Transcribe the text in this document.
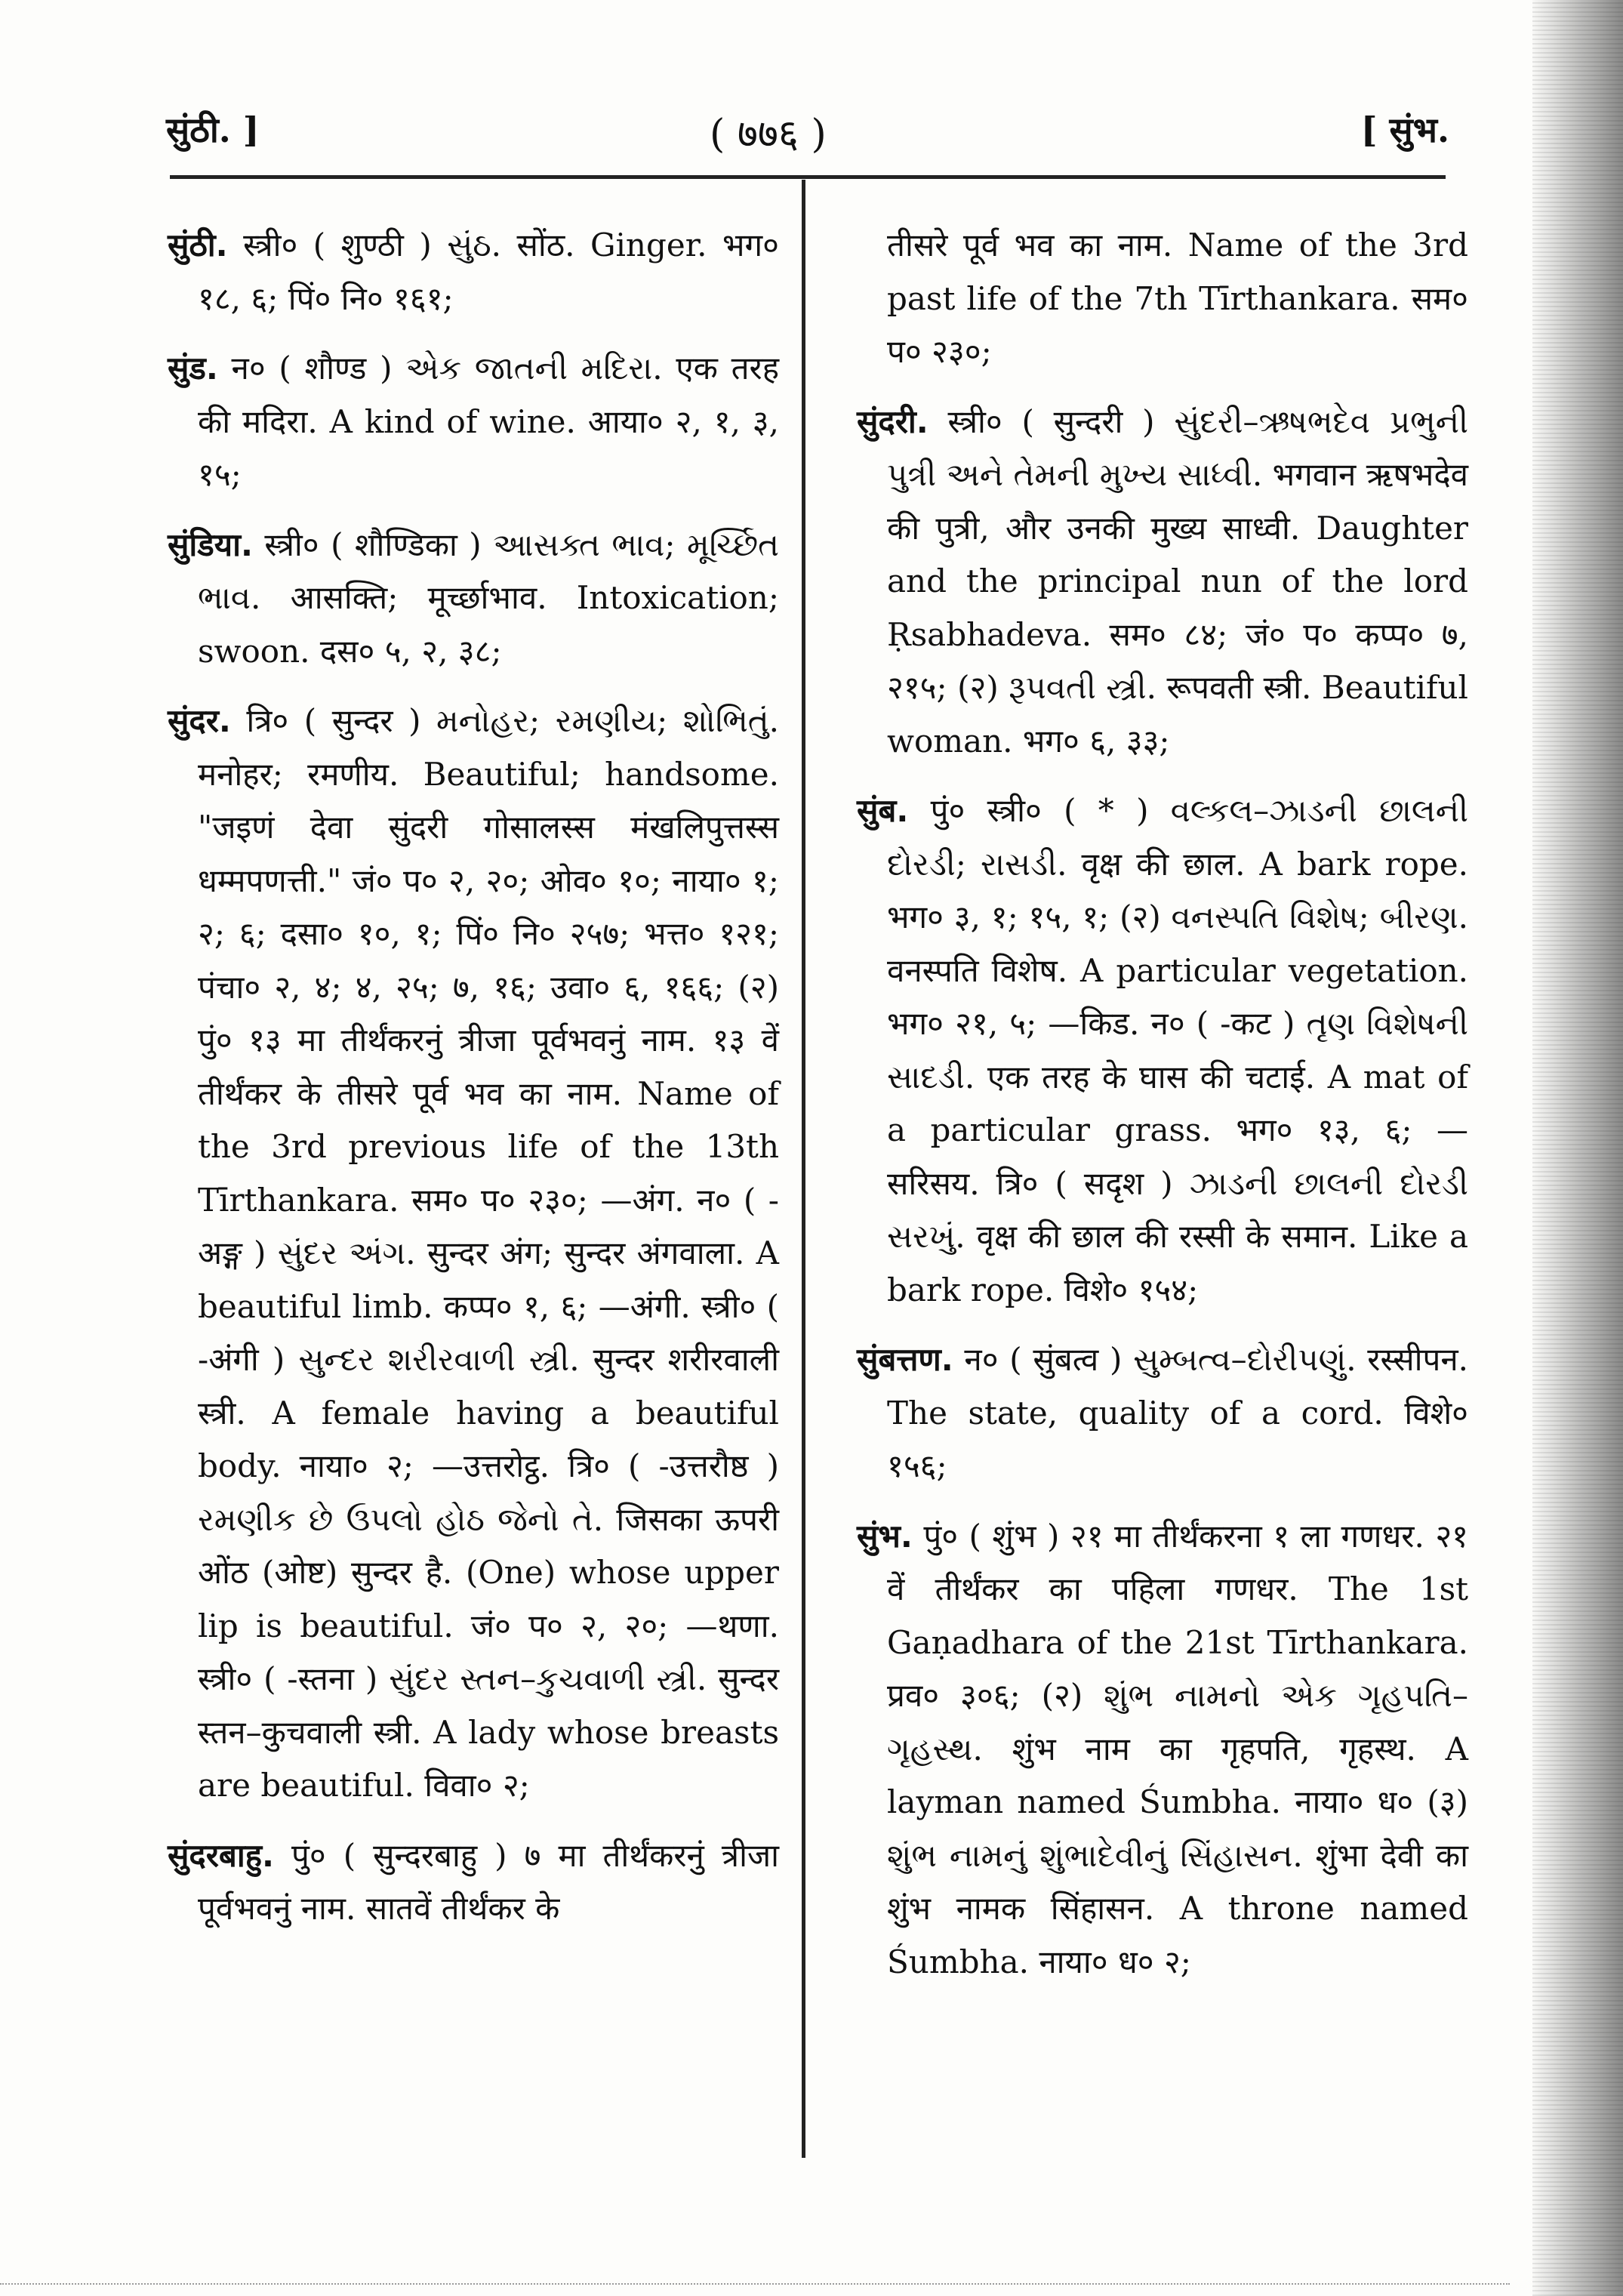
सुंठी. ]	( ७७६ )	[ सुंभ.

सुंठी. स्त्री० ( शुण्ठी ) સુંઠ. सोंठ. Ginger. भग० १८, ६; पिं० नि० १६१;

सुंड. न० ( शौण्ड ) એક જાતની મદિરા. एक तरह की मदिरा. A kind of wine. आया० २, १, ३, १५;

सुंडिया. स्त्री० ( शौण्डिका ) આસક્ત ભાવ; મૂર્ચ્છિત ભાવ. आसक्ति; मूर्च्छाभाव. Intoxication; swoon. दस० ५, २, ३८;

सुंदर. त्रि० ( सुन्दर ) મનોહર; રમણીય; શોભિતું. मनोहर; रमणीय. Beautiful; handsome. "जइणं देवा सुंदरी गोसालस्स मंखलिपुत्तस्स धम्मपणत्ती." जं० प० २, २०; ओव० १०; नाया० १; २; ६; दसा० १०, १; पिं० नि० २५७; भत्त० १२१; पंचा० २, ४; ४, २५; ७, १६; उवा० ६, १६६; (२) पुं० १३ मा तीर्थंकरनुं त्रीजा पूर्वभवनुं नाम. १३ वें तीर्थंकर के तीसरे पूर्व भव का नाम. Name of the 3rd previous life of the 13th Tīrthankara. सम० प० २३०; —अंग. न० ( -अङ्ग ) સુંદર અંગ. सुन्दर अंग; सुन्दर अंगवाला. A beautiful limb. कप्प० १, ६; —अंगी. स्त्री० ( -अंगी ) સુન્દર શરીરવાળી સ્ત્રી. सुन्दर शरीरवाली स्त्री. A female having a beautiful body. नाया० २; —उत्तरोट्ठ. त्रि० ( -उत्तरौष्ठ ) રમણીક છે ઉપલો હોઠ જેનો તે. जिसका ऊपरी ओंठ (ओष्ट) सुन्दर है. (One) whose upper lip is beautiful. जं० प० २, २०; —थणा. स्त्री० ( -स्तना ) સુંદર સ્તન–કુચવાળી સ્ત્રી. सुन्दर स्तन–कुचवाली स्त्री. A lady whose breasts are beautiful. विवा० २;

सुंदरबाहु. पुं० ( सुन्दरबाहु ) ७ मा तीर्थंकरनुं त्रीजा पूर्वभवनुं नाम. सातवें तीर्थंकर के

तीसरे पूर्व भव का नाम. Name of the 3rd past life of the 7th Tīrthankara. सम० प० २३०;

सुंदरी. स्त्री० ( सुन्दरी ) સુંદરી–ઋષભદેવ પ્રભુની પુત્રી અને તેમની મુખ્ય સાધ્વી. भगवान ऋषभदेव की पुत्री, और उनकी मुख्य साध्वी. Daughter and the principal nun of the lord Ṛsabhadeva. सम० ८४; जं० प० कप्प० ७, २१५; (२) રૂપવતી સ્ત્રી. रूपवती स्त्री. Beautiful woman. भग० ६, ३३;

सुंब. पुं० स्त्री० ( * ) વલ્કલ–ઝાડની છાલની દોરડી; રાસડી. वृक्ष की छाल. A bark rope. भग० ३, १; १५, १; (२) વનસ્પતિ વિશેષ; બીરણ. वनस्पति विशेष. A particular vegetation. भग० २१, ५; —किड. न० ( -कट ) તૃણ વિશેષની સાદડી. एक तरह के घास की चटाई. A mat of a particular grass. भग० १३, ६; —सरिसय. त्रि० ( सदृश ) ઝાડની છાલની દોરડી સરખું. वृक्ष की छाल की रस्सी के समान. Like a bark rope. विशे० १५४;

सुंबत्तण. न० ( सुंबत्व ) સુમ્બત્વ–દોરીપણું. रस्सीपन. The state, quality of a cord. विशे० १५६;

सुंभ. पुं० ( शुंभ ) २१ मा तीर्थंकरना १ ला गणधर. २१ वें तीर्थंकर का पहिला गणधर. The 1st Gaṇadhara of the 21st Tīrthankara. प्रव० ३०६; (२) શુંભ નામનો એક ગૃહપતિ–ગૃહસ્થ. शुंभ नाम का गृहपति, गृहस्थ. A layman named Śumbha. नाया० ध० (३) શુંભ નામનું શુંભાદેવીનું સિંહાસન. शुंभा देवी का शुंभ नामक सिंहासन. A throne named Śumbha. नाया० ध० २;
